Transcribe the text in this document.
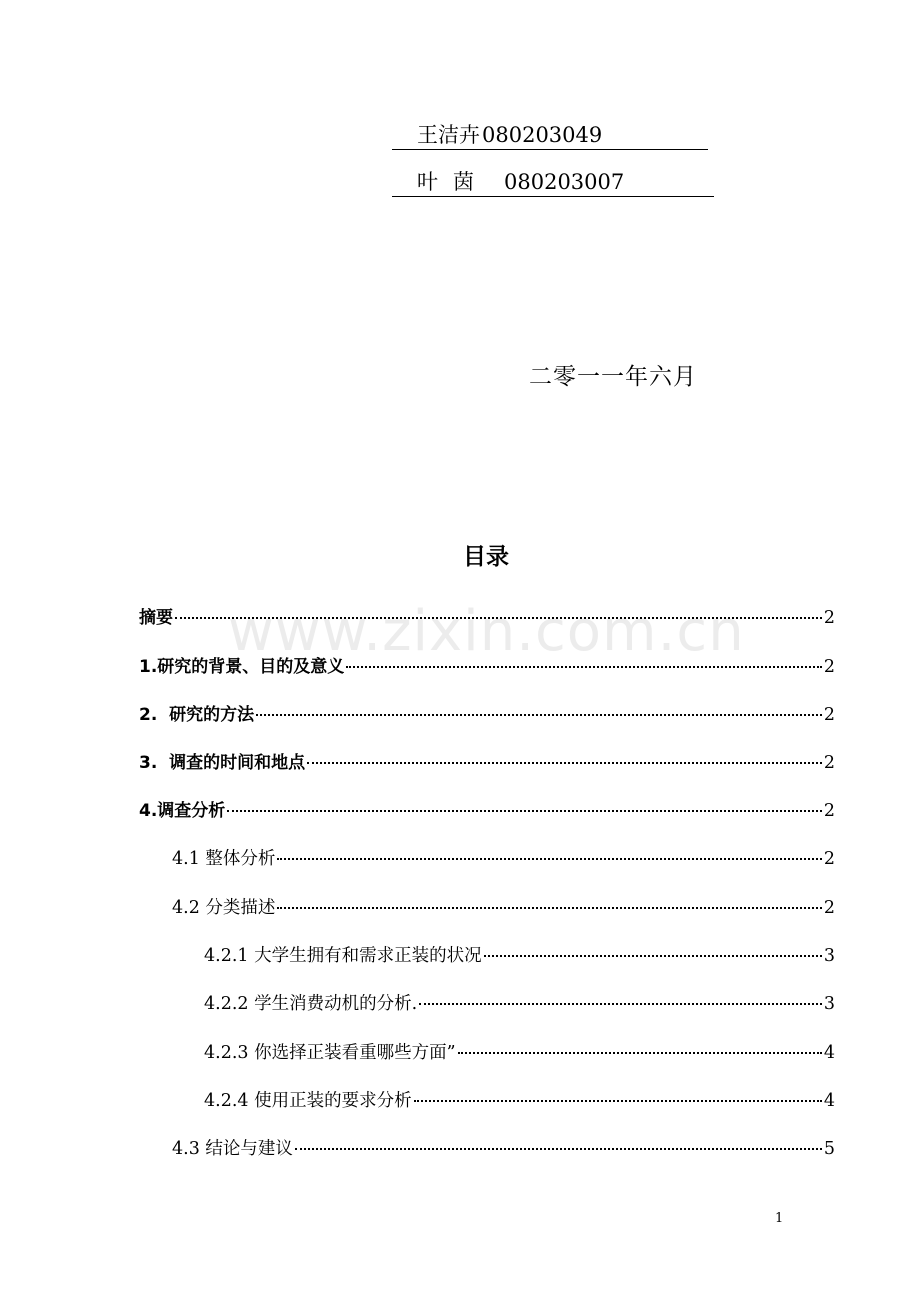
王洁卉080203049
叶 茵 080203007
二零一一年六月
目录
www.zixin.com.cn
摘要	2
1.研究的背景、目的及意义	2
2.  研究的方法	2
3.  调查的时间和地点	2
4.调查分析	2
4.1 整体分析	2
4.2 分类描述	2
4.2.1 大学生拥有和需求正装的状况	3
4.2.2 学生消费动机的分析.	3
4.2.3 你选择正装看重哪些方面”	4
4.2.4 使用正装的要求分析	4
4.3 结论与建议	5
1
